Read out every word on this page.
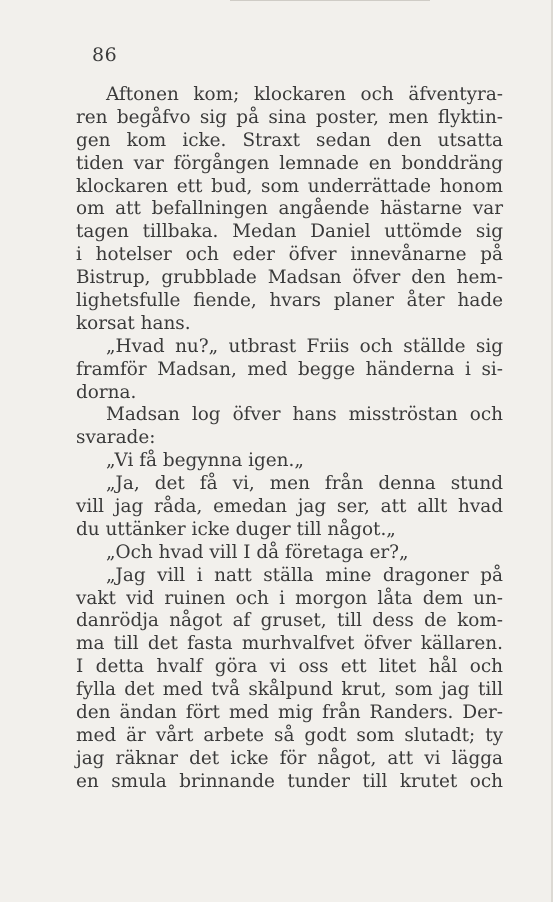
86
Aftonen kom; klockaren och äfventyra-
ren begåfvo sig på sina poster, men flyktin-
gen kom icke. Straxt sedan den utsatta
tiden var förgången lemnade en bonddräng
klockaren ett bud, som underrättade honom
om att befallningen angående hästarne var
tagen tillbaka. Medan Daniel uttömde sig
i hotelser och eder öfver innevånarne på
Bistrup, grubblade Madsan öfver den hem-
lighetsfulle fiende, hvars planer åter hade
korsat hans.
„Hvad nu?„ utbrast Friis och ställde sig
framför Madsan, med begge händerna i si-
dorna.
Madsan log öfver hans misströstan och
svarade:
„Vi få begynna igen.„
„Ja, det få vi, men från denna stund
vill jag råda, emedan jag ser, att allt hvad
du uttänker icke duger till något.„
„Och hvad vill I då företaga er?„
„Jag vill i natt ställa mine dragoner på
vakt vid ruinen och i morgon låta dem un-
danrödja något af gruset, till dess de kom-
ma till det fasta murhvalfvet öfver källaren.
I detta hvalf göra vi oss ett litet hål och
fylla det med två skålpund krut, som jag till
den ändan fört med mig från Randers. Der-
med är vårt arbete så godt som slutadt; ty
jag räknar det icke för något, att vi lägga
en smula brinnande tunder till krutet och
